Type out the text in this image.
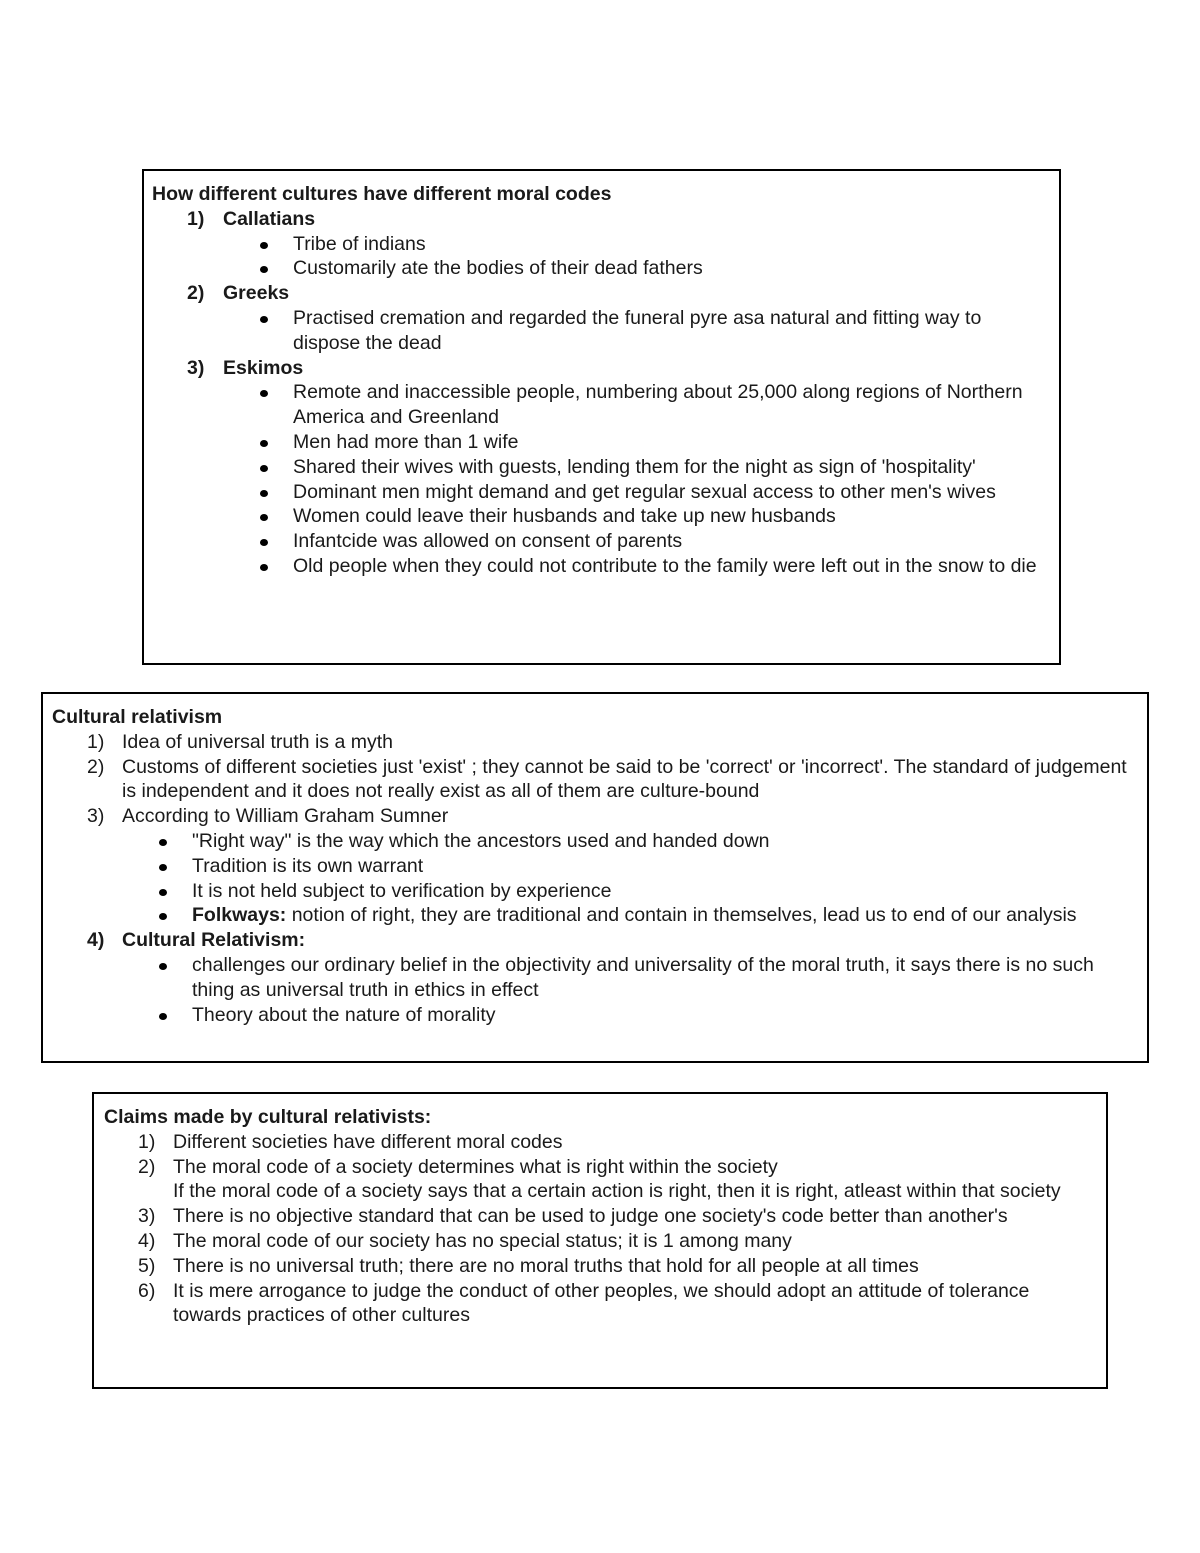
How different cultures have different moral codes
1) Callatians
Tribe of indians
Customarily ate the bodies of their dead fathers
2) Greeks
Practised cremation and regarded the funeral pyre asa natural and fitting way to dispose the dead
3) Eskimos
Remote and inaccessible people, numbering about 25,000 along regions of Northern America and Greenland
Men had more than 1 wife
Shared their wives with guests, lending them for the night as sign of 'hospitality'
Dominant men might demand and get regular sexual access to other men's wives
Women could leave their husbands and take up new husbands
Infantcide was allowed on consent of parents
Old people when they could not contribute to the family were left out in the snow to die
Cultural relativism
1) Idea of universal truth is a myth
2) Customs of different societies just 'exist' ; they cannot be said to be 'correct' or 'incorrect'. The standard of judgement is independent and it does not really exist as all of them are culture-bound
3) According to William Graham Sumner
"Right way" is the way which the ancestors used and handed down
Tradition is its own warrant
It is not held subject to verification by experience
Folkways: notion of right, they are traditional and contain in themselves, lead us to end of our analysis
4) Cultural Relativism:
challenges our ordinary belief in the objectivity and universality of the moral truth, it says there is no such thing as universal truth in ethics in effect
Theory about the nature of morality
Claims made by cultural relativists:
1) Different societies have different moral codes
2) The moral code of a society determines what is right within the society
If the moral code of a society says that a certain action is right, then it is right, atleast within that society
3) There is no objective standard that can be used to judge one society's code better than another's
4) The moral code of our society has no special status; it is 1 among many
5) There is no universal truth; there are no moral truths that hold for all people at all times
6) It is mere arrogance to judge the conduct of other peoples, we should adopt an attitude of tolerance towards practices of other cultures
